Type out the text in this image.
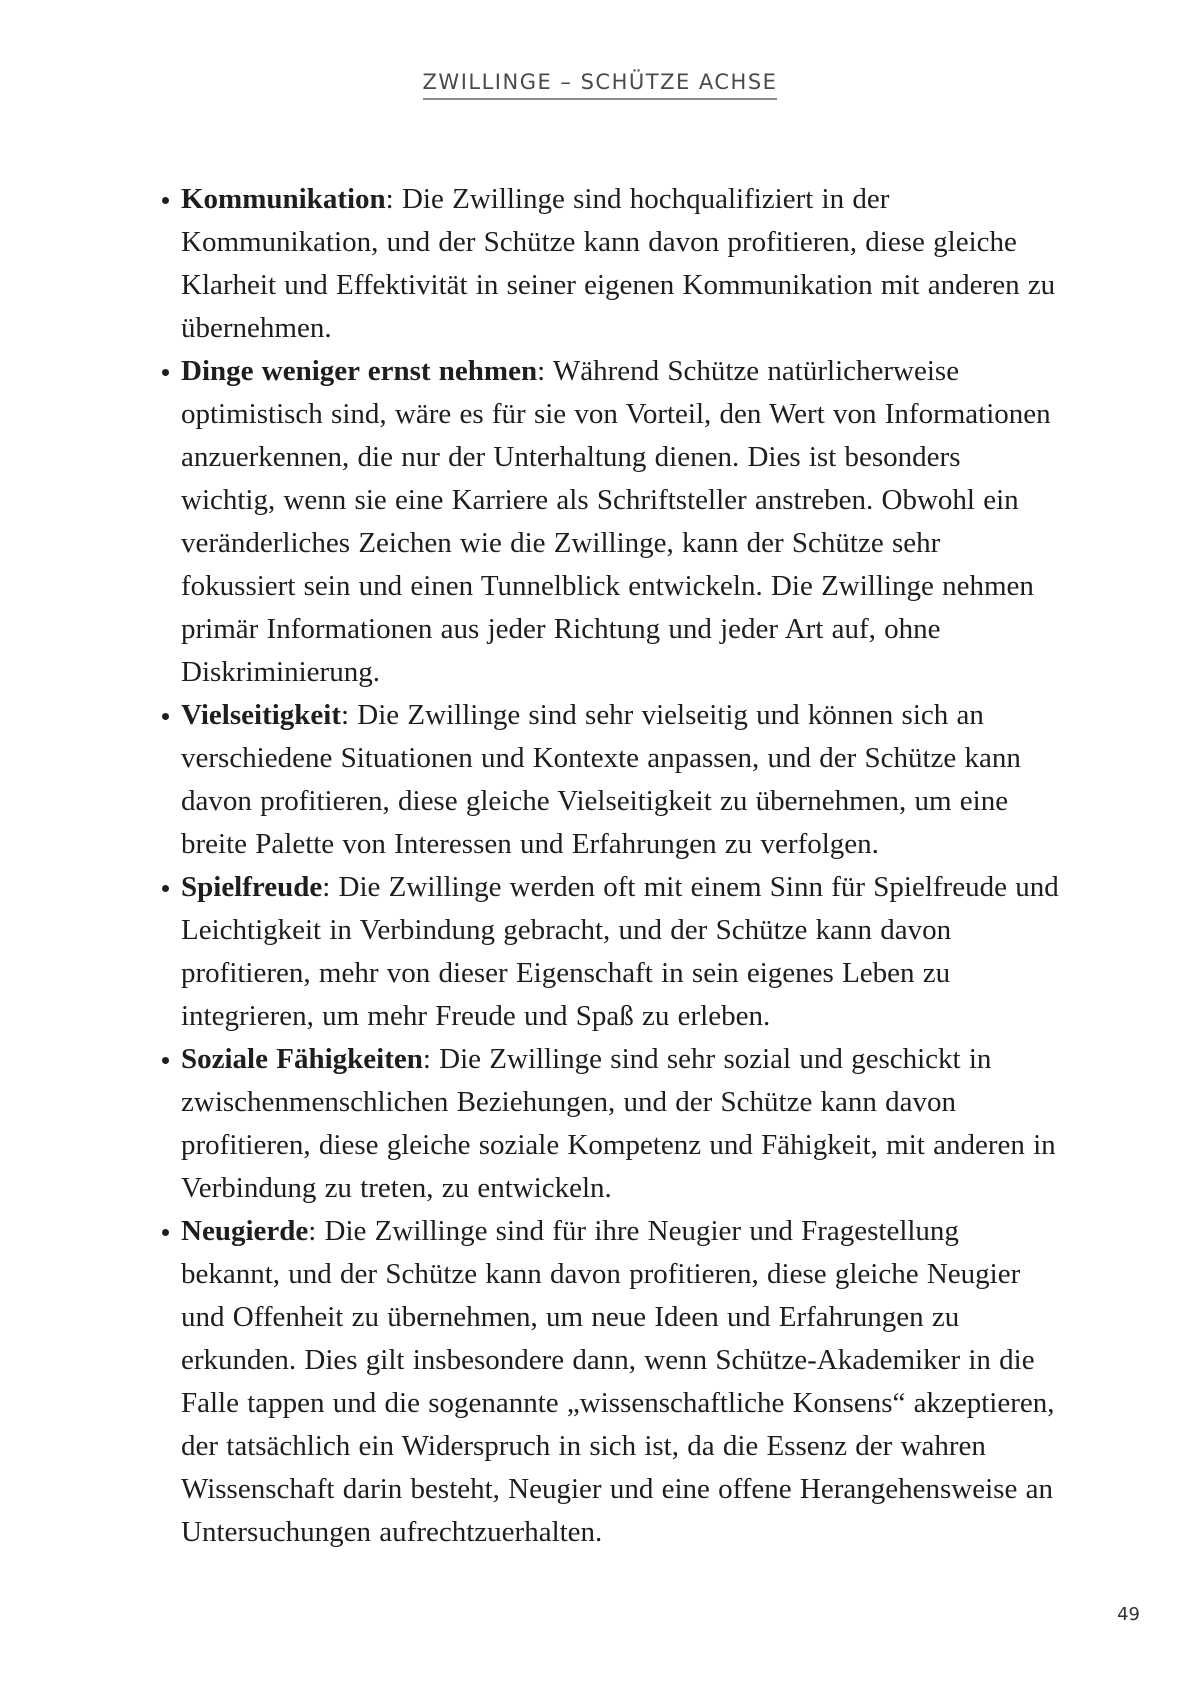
ZWILLINGE – SCHÜTZE ACHSE
Kommunikation: Die Zwillinge sind hochqualifiziert in der Kommunikation, und der Schütze kann davon profitieren, diese gleiche Klarheit und Effektivität in seiner eigenen Kommunikation mit anderen zu übernehmen.
Dinge weniger ernst nehmen: Während Schütze natürlicherweise optimistisch sind, wäre es für sie von Vorteil, den Wert von Informationen anzuerkennen, die nur der Unterhaltung dienen. Dies ist besonders wichtig, wenn sie eine Karriere als Schriftsteller anstreben. Obwohl ein veränderliches Zeichen wie die Zwillinge, kann der Schütze sehr fokussiert sein und einen Tunnelblick entwickeln. Die Zwillinge nehmen primär Informationen aus jeder Richtung und jeder Art auf, ohne Diskriminierung.
Vielseitigkeit: Die Zwillinge sind sehr vielseitig und können sich an verschiedene Situationen und Kontexte anpassen, und der Schütze kann davon profitieren, diese gleiche Vielseitigkeit zu übernehmen, um eine breite Palette von Interessen und Erfahrungen zu verfolgen.
Spielfreude: Die Zwillinge werden oft mit einem Sinn für Spielfreude und Leichtigkeit in Verbindung gebracht, und der Schütze kann davon profitieren, mehr von dieser Eigenschaft in sein eigenes Leben zu integrieren, um mehr Freude und Spaß zu erleben.
Soziale Fähigkeiten: Die Zwillinge sind sehr sozial und geschickt in zwischenmenschlichen Beziehungen, und der Schütze kann davon profitieren, diese gleiche soziale Kompetenz und Fähigkeit, mit anderen in Verbindung zu treten, zu entwickeln.
Neugierde: Die Zwillinge sind für ihre Neugier und Fragestellung bekannt, und der Schütze kann davon profitieren, diese gleiche Neugier und Offenheit zu übernehmen, um neue Ideen und Erfahrungen zu erkunden. Dies gilt insbesondere dann, wenn Schütze-Akademiker in die Falle tappen und die sogenannte „wissenschaftliche Konsens“ akzeptieren, der tatsächlich ein Widerspruch in sich ist, da die Essenz der wahren Wissenschaft darin besteht, Neugier und eine offene Herangehensweise an Untersuchungen aufrechtzuerhalten.
49
